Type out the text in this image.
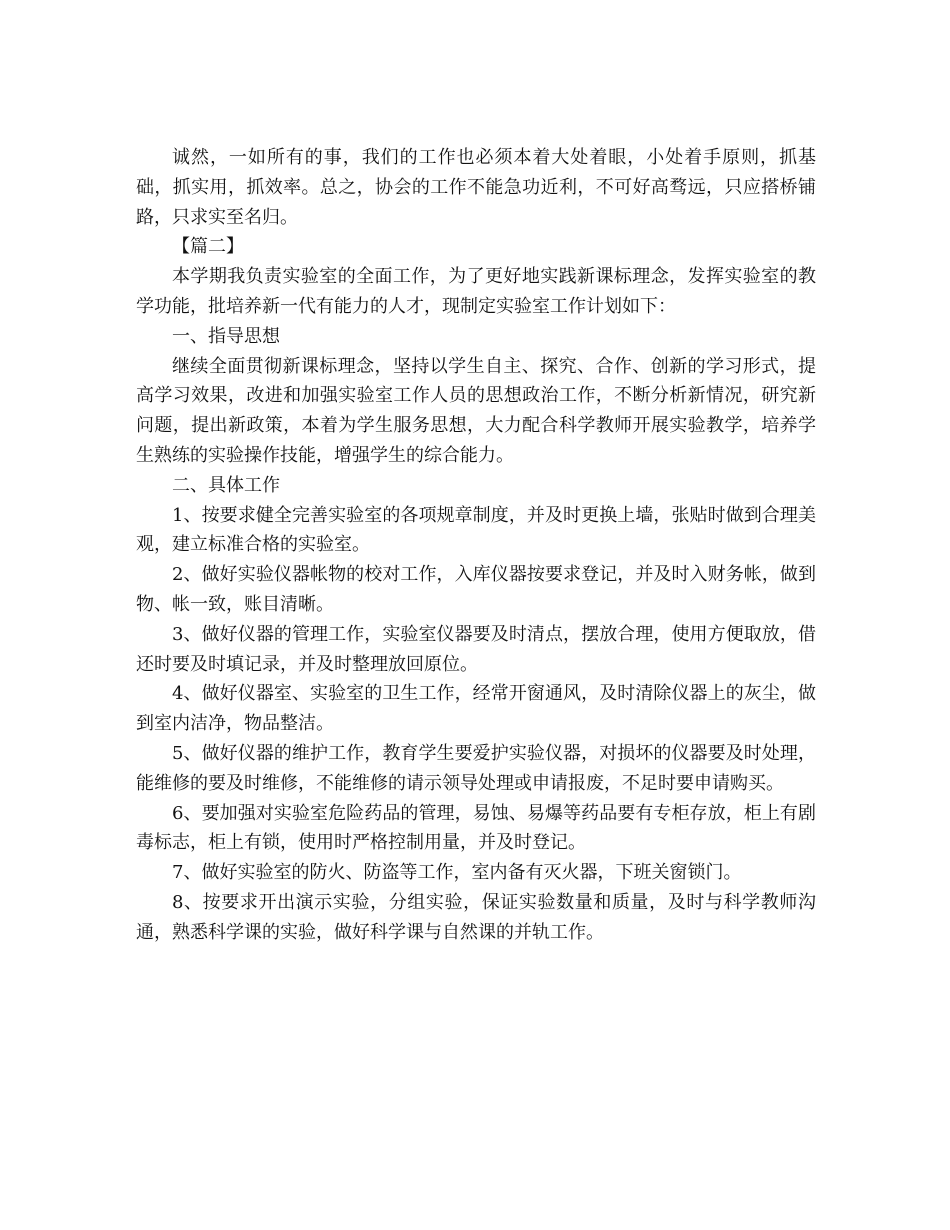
诚然，一如所有的事，我们的工作也必须本着大处着眼，小处着手原则，抓基础，抓实用，抓效率。总之，协会的工作不能急功近利，不可好高骛远，只应搭桥铺路，只求实至名归。

【篇二】

本学期我负责实验室的全面工作，为了更好地实践新课标理念，发挥实验室的教学功能，批培养新一代有能力的人才，现制定实验室工作计划如下：

一、指导思想

继续全面贯彻新课标理念，坚持以学生自主、探究、合作、创新的学习形式，提高学习效果，改进和加强实验室工作人员的思想政治工作，不断分析新情况，研究新问题，提出新政策，本着为学生服务思想，大力配合科学教师开展实验教学，培养学生熟练的实验操作技能，增强学生的综合能力。

二、具体工作

1、按要求健全完善实验室的各项规章制度，并及时更换上墙，张贴时做到合理美观，建立标准合格的实验室。

2、做好实验仪器帐物的校对工作，入库仪器按要求登记，并及时入财务帐，做到物、帐一致，账目清晰。

3、做好仪器的管理工作，实验室仪器要及时清点，摆放合理，使用方便取放，借还时要及时填记录，并及时整理放回原位。

4、做好仪器室、实验室的卫生工作，经常开窗通风，及时清除仪器上的灰尘，做到室内洁净，物品整洁。

5、做好仪器的维护工作，教育学生要爱护实验仪器，对损坏的仪器要及时处理，能维修的要及时维修，不能维修的请示领导处理或申请报废，不足时要申请购买。

6、要加强对实验室危险药品的管理，易蚀、易爆等药品要有专柜存放，柜上有剧毒标志，柜上有锁，使用时严格控制用量，并及时登记。

7、做好实验室的防火、防盗等工作，室内备有灭火器，下班关窗锁门。

8、按要求开出演示实验，分组实验，保证实验数量和质量，及时与科学教师沟通，熟悉科学课的实验，做好科学课与自然课的并轨工作。
